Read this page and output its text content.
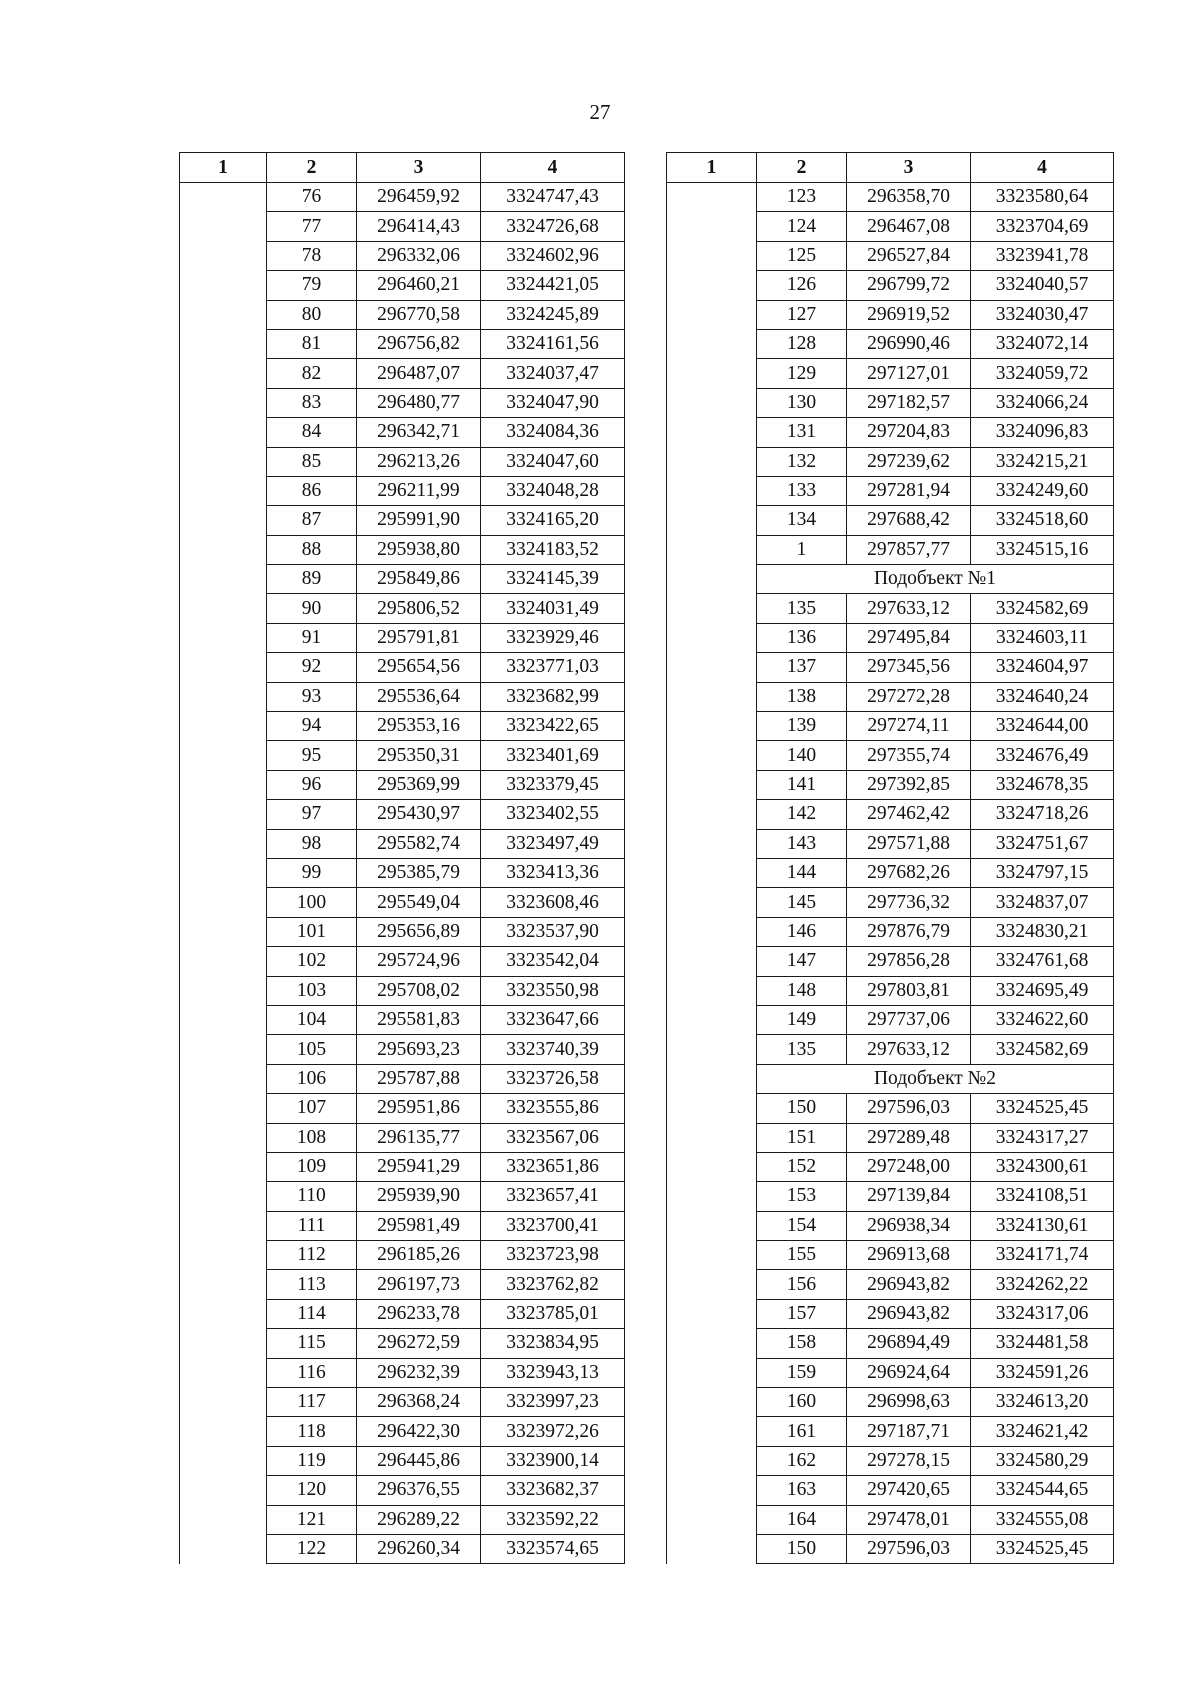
27
1	2	3	4
	76	296459,92	3324747,43
	77	296414,43	3324726,68
	78	296332,06	3324602,96
	79	296460,21	3324421,05
	80	296770,58	3324245,89
	81	296756,82	3324161,56
	82	296487,07	3324037,47
	83	296480,77	3324047,90
	84	296342,71	3324084,36
	85	296213,26	3324047,60
	86	296211,99	3324048,28
	87	295991,90	3324165,20
	88	295938,80	3324183,52
	89	295849,86	3324145,39
	90	295806,52	3324031,49
	91	295791,81	3323929,46
	92	295654,56	3323771,03
	93	295536,64	3323682,99
	94	295353,16	3323422,65
	95	295350,31	3323401,69
	96	295369,99	3323379,45
	97	295430,97	3323402,55
	98	295582,74	3323497,49
	99	295385,79	3323413,36
	100	295549,04	3323608,46
	101	295656,89	3323537,90
	102	295724,96	3323542,04
	103	295708,02	3323550,98
	104	295581,83	3323647,66
	105	295693,23	3323740,39
	106	295787,88	3323726,58
	107	295951,86	3323555,86
	108	296135,77	3323567,06
	109	295941,29	3323651,86
	110	295939,90	3323657,41
	111	295981,49	3323700,41
	112	296185,26	3323723,98
	113	296197,73	3323762,82
	114	296233,78	3323785,01
	115	296272,59	3323834,95
	116	296232,39	3323943,13
	117	296368,24	3323997,23
	118	296422,30	3323972,26
	119	296445,86	3323900,14
	120	296376,55	3323682,37
	121	296289,22	3323592,22
	122	296260,34	3323574,65
1	2	3	4
	123	296358,70	3323580,64
	124	296467,08	3323704,69
	125	296527,84	3323941,78
	126	296799,72	3324040,57
	127	296919,52	3324030,47
	128	296990,46	3324072,14
	129	297127,01	3324059,72
	130	297182,57	3324066,24
	131	297204,83	3324096,83
	132	297239,62	3324215,21
	133	297281,94	3324249,60
	134	297688,42	3324518,60
	1	297857,77	3324515,16
	Подобъект №1		
	135	297633,12	3324582,69
	136	297495,84	3324603,11
	137	297345,56	3324604,97
	138	297272,28	3324640,24
	139	297274,11	3324644,00
	140	297355,74	3324676,49
	141	297392,85	3324678,35
	142	297462,42	3324718,26
	143	297571,88	3324751,67
	144	297682,26	3324797,15
	145	297736,32	3324837,07
	146	297876,79	3324830,21
	147	297856,28	3324761,68
	148	297803,81	3324695,49
	149	297737,06	3324622,60
	135	297633,12	3324582,69
	Подобъект №2		
	150	297596,03	3324525,45
	151	297289,48	3324317,27
	152	297248,00	3324300,61
	153	297139,84	3324108,51
	154	296938,34	3324130,61
	155	296913,68	3324171,74
	156	296943,82	3324262,22
	157	296943,82	3324317,06
	158	296894,49	3324481,58
	159	296924,64	3324591,26
	160	296998,63	3324613,20
	161	297187,71	3324621,42
	162	297278,15	3324580,29
	163	297420,65	3324544,65
	164	297478,01	3324555,08
	150	297596,03	3324525,45
